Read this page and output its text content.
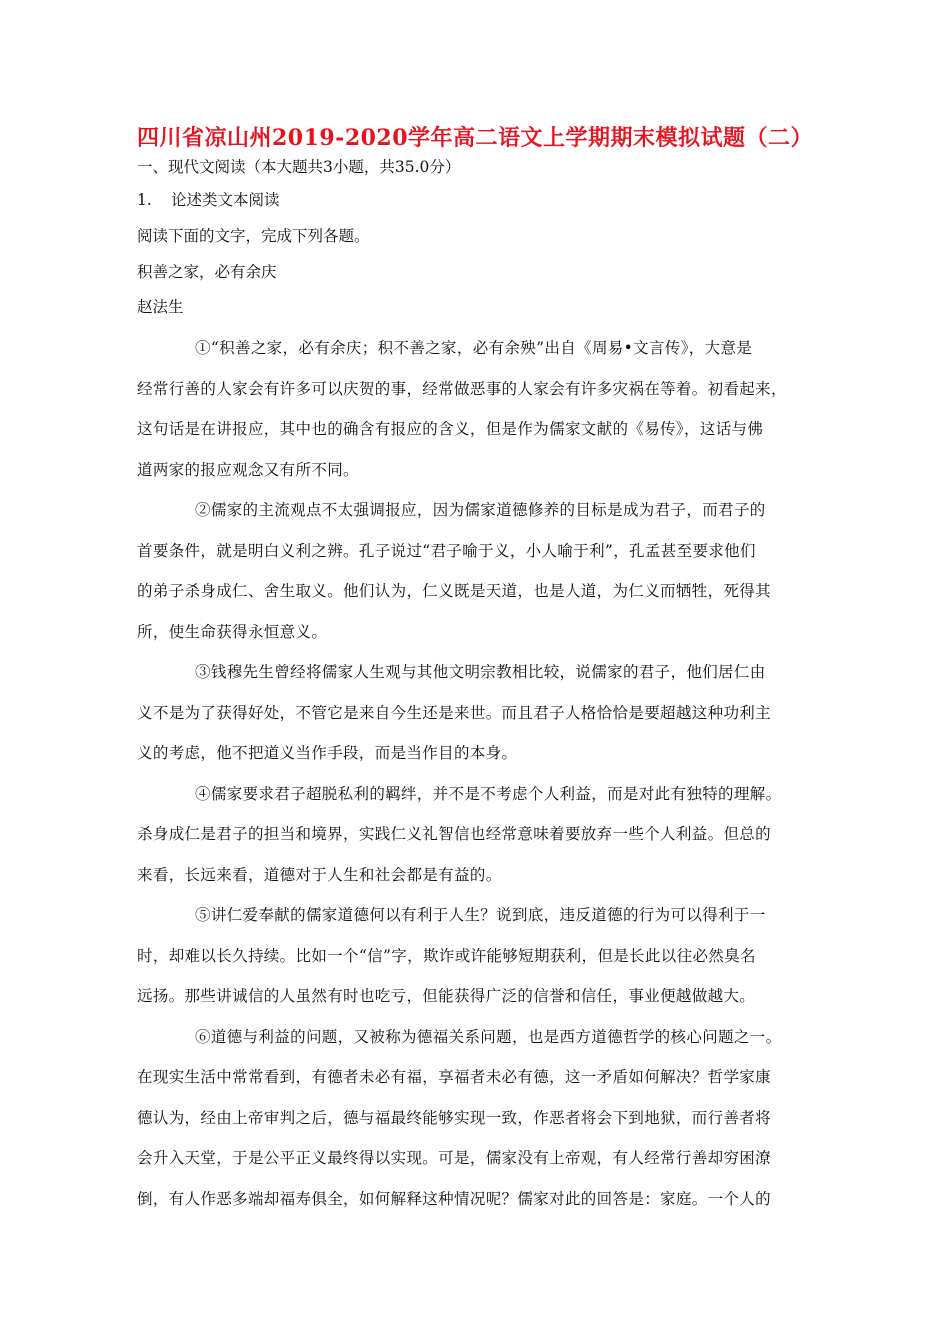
四川省凉山州2019-2020学年高二语文上学期期末模拟试题（二）
一、现代文阅读（本大题共3小题，共35.0分）
1. 论述类文本阅读
阅读下面的文字，完成下列各题。
积善之家，必有余庆
赵法生
①“积善之家，必有余庆；积不善之家，必有余殃”出自《周易•文言传》，大意是
经常行善的人家会有许多可以庆贺的事，经常做恶事的人家会有许多灾祸在等着。初看起来，
这句话是在讲报应，其中也的确含有报应的含义，但是作为儒家文献的《易传》，这话与佛
道两家的报应观念又有所不同。
②儒家的主流观点不太强调报应，因为儒家道德修养的目标是成为君子，而君子的
首要条件，就是明白义利之辨。孔子说过“君子喻于义，小人喻于利”，孔孟甚至要求他们
的弟子杀身成仁、舍生取义。他们认为，仁义既是天道，也是人道，为仁义而牺牲，死得其
所，使生命获得永恒意义。
③钱穆先生曾经将儒家人生观与其他文明宗教相比较，说儒家的君子，他们居仁由
义不是为了获得好处，不管它是来自今生还是来世。而且君子人格恰恰是要超越这种功利主
义的考虑，他不把道义当作手段，而是当作目的本身。
④儒家要求君子超脱私利的羁绊，并不是不考虑个人利益，而是对此有独特的理解。
杀身成仁是君子的担当和境界，实践仁义礼智信也经常意味着要放弃一些个人利益。但总的
来看，长远来看，道德对于人生和社会都是有益的。
⑤讲仁爱奉献的儒家道德何以有利于人生？说到底，违反道德的行为可以得利于一
时，却难以长久持续。比如一个“信”字，欺诈或许能够短期获利，但是长此以往必然臭名
远扬。那些讲诚信的人虽然有时也吃亏，但能获得广泛的信誉和信任，事业便越做越大。
⑥道德与利益的问题，又被称为德福关系问题，也是西方道德哲学的核心问题之一。
在现实生活中常常看到，有德者未必有福，享福者未必有德，这一矛盾如何解决？哲学家康
德认为，经由上帝审判之后，德与福最终能够实现一致，作恶者将会下到地狱，而行善者将
会升入天堂，于是公平正义最终得以实现。可是，儒家没有上帝观，有人经常行善却穷困潦
倒，有人作恶多端却福寿俱全，如何解释这种情况呢？儒家对此的回答是：家庭。一个人的
